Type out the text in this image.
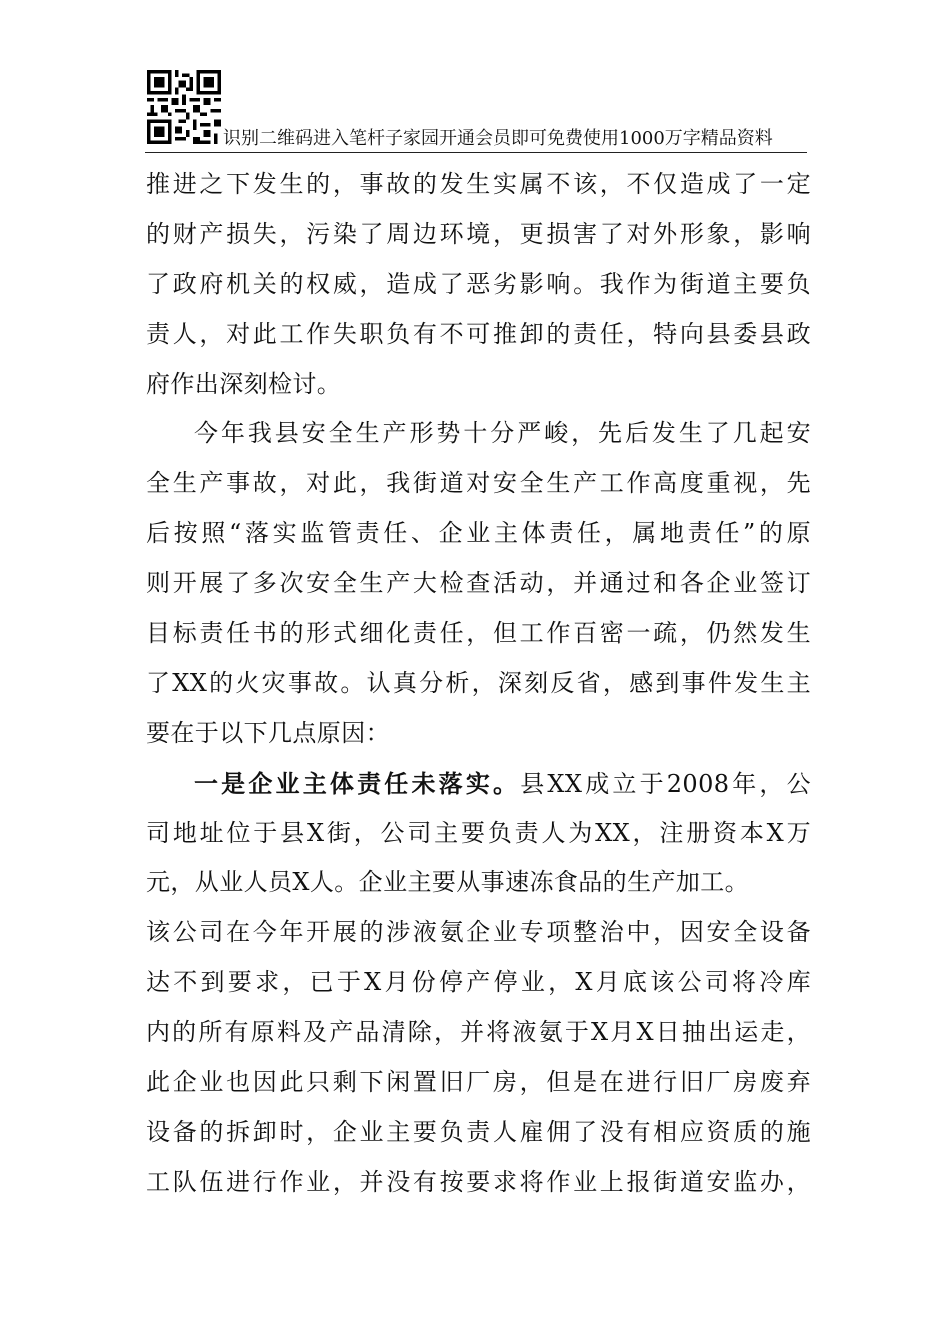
识别二维码进入笔杆子家园开通会员即可免费使用1000万字精品资料
推进之下发生的，事故的发生实属不该，不仅造成了一定
的财产损失，污染了周边环境，更损害了对外形象，影响
了政府机关的权威，造成了恶劣影响。我作为街道主要负
责人，对此工作失职负有不可推卸的责任，特向县委县政
府作出深刻检讨。
今年我县安全生产形势十分严峻，先后发生了几起安
全生产事故，对此，我街道对安全生产工作高度重视，先
后按照“落实监管责任、企业主体责任，属地责任”的原
则开展了多次安全生产大检查活动，并通过和各企业签订
目标责任书的形式细化责任，但工作百密一疏，仍然发生
了XX的火灾事故。认真分析，深刻反省，感到事件发生主
要在于以下几点原因：
一是企业主体责任未落实。县XX成立于2008年，公
司地址位于县X街，公司主要负责人为XX，注册资本X万
元，从业人员X人。企业主要从事速冻食品的生产加工。
该公司在今年开展的涉液氨企业专项整治中，因安全设备
达不到要求，已于X月份停产停业，X月底该公司将冷库
内的所有原料及产品清除，并将液氨于X月X日抽出运走，
此企业也因此只剩下闲置旧厂房，但是在进行旧厂房废弃
设备的拆卸时，企业主要负责人雇佣了没有相应资质的施
工队伍进行作业，并没有按要求将作业上报街道安监办，
